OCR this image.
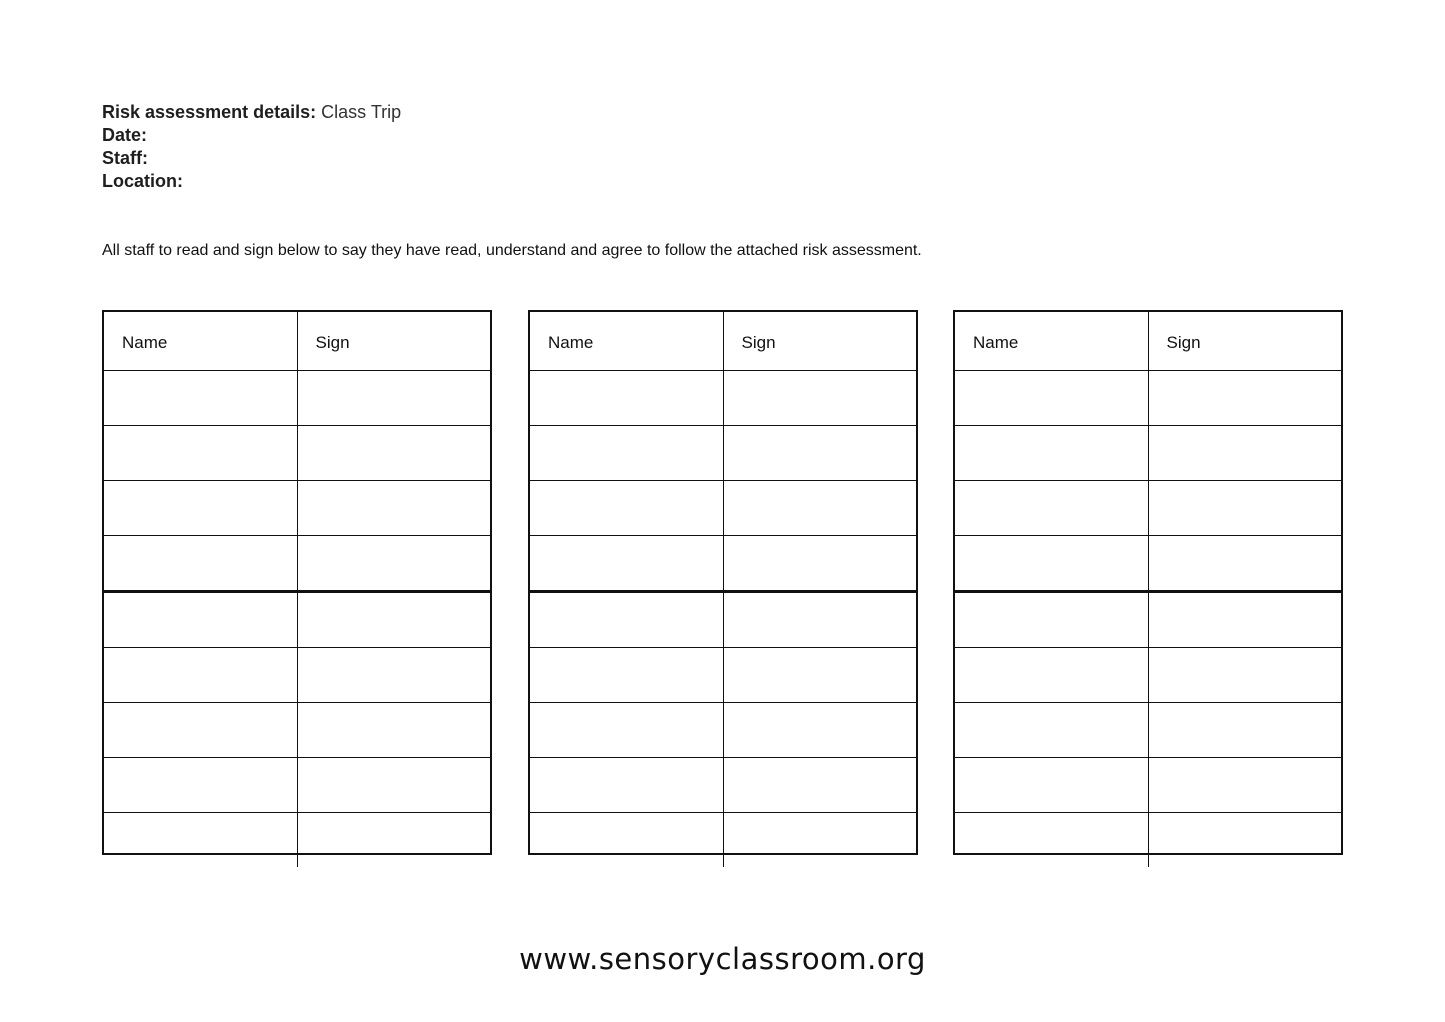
Risk assessment details: Class Trip
Date:
Staff:
Location:
All staff to read and sign below to say they have read, understand and agree to follow the attached risk assessment.
Name	Sign

		Name	Sign

		Name	Sign

www.sensoryclassroom.org
